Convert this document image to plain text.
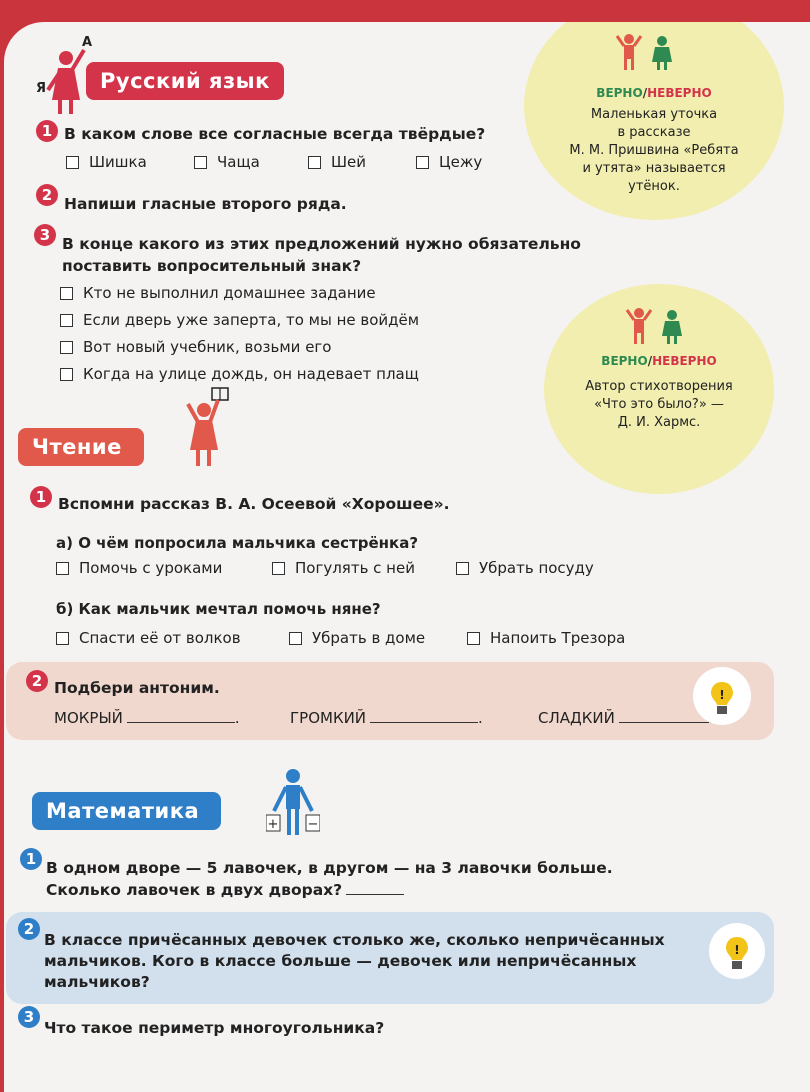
А
Я	Русский язык
1 В каком слове все согласные всегда твёрдые?
Шишка	Чаща	Шей	Цежу
2 Напиши гласные второго ряда.
3 В конце какого из этих предложений нужно обязательно
поставить вопросительный знак?
Кто не выполнил домашнее задание
Если дверь уже заперта, то мы не войдём
Вот новый учебник, возьми его
Когда на улице дождь, он надевает плащ
ВЕРНО/НЕВЕРНО
Маленькая уточка
в рассказе
М. М. Пришвина «Ребята
и утята» называется
утёнок.
ВЕРНО/НЕВЕРНО
Автор стихотворения
«Что это было?» —
Д. И. Хармс.
Чтение
1 Вспомни рассказ В. А. Осеевой «Хорошее».
а) О чём попросила мальчика сестрёнка?
Помочь с уроками	Погулять с ней	Убрать посуду
б) Как мальчик мечтал помочь няне?
Спасти её от волков	Убрать в доме	Напоить Трезора
2 Подбери антоним.
МОКРЫЙ	.	ГРОМКИЙ	.	СЛАДКИЙ
!
+ −
Математика
1 В одном дворе — 5 лавочек, в другом — на 3 лавочки больше.
Сколько лавочек в двух дворах?
2
В классе причёсанных девочек столько же, сколько непричёсанных
мальчиков. Кого в классе больше — девочек или непричёсанных
мальчиков?
!
3
Что такое периметр многоугольника?
